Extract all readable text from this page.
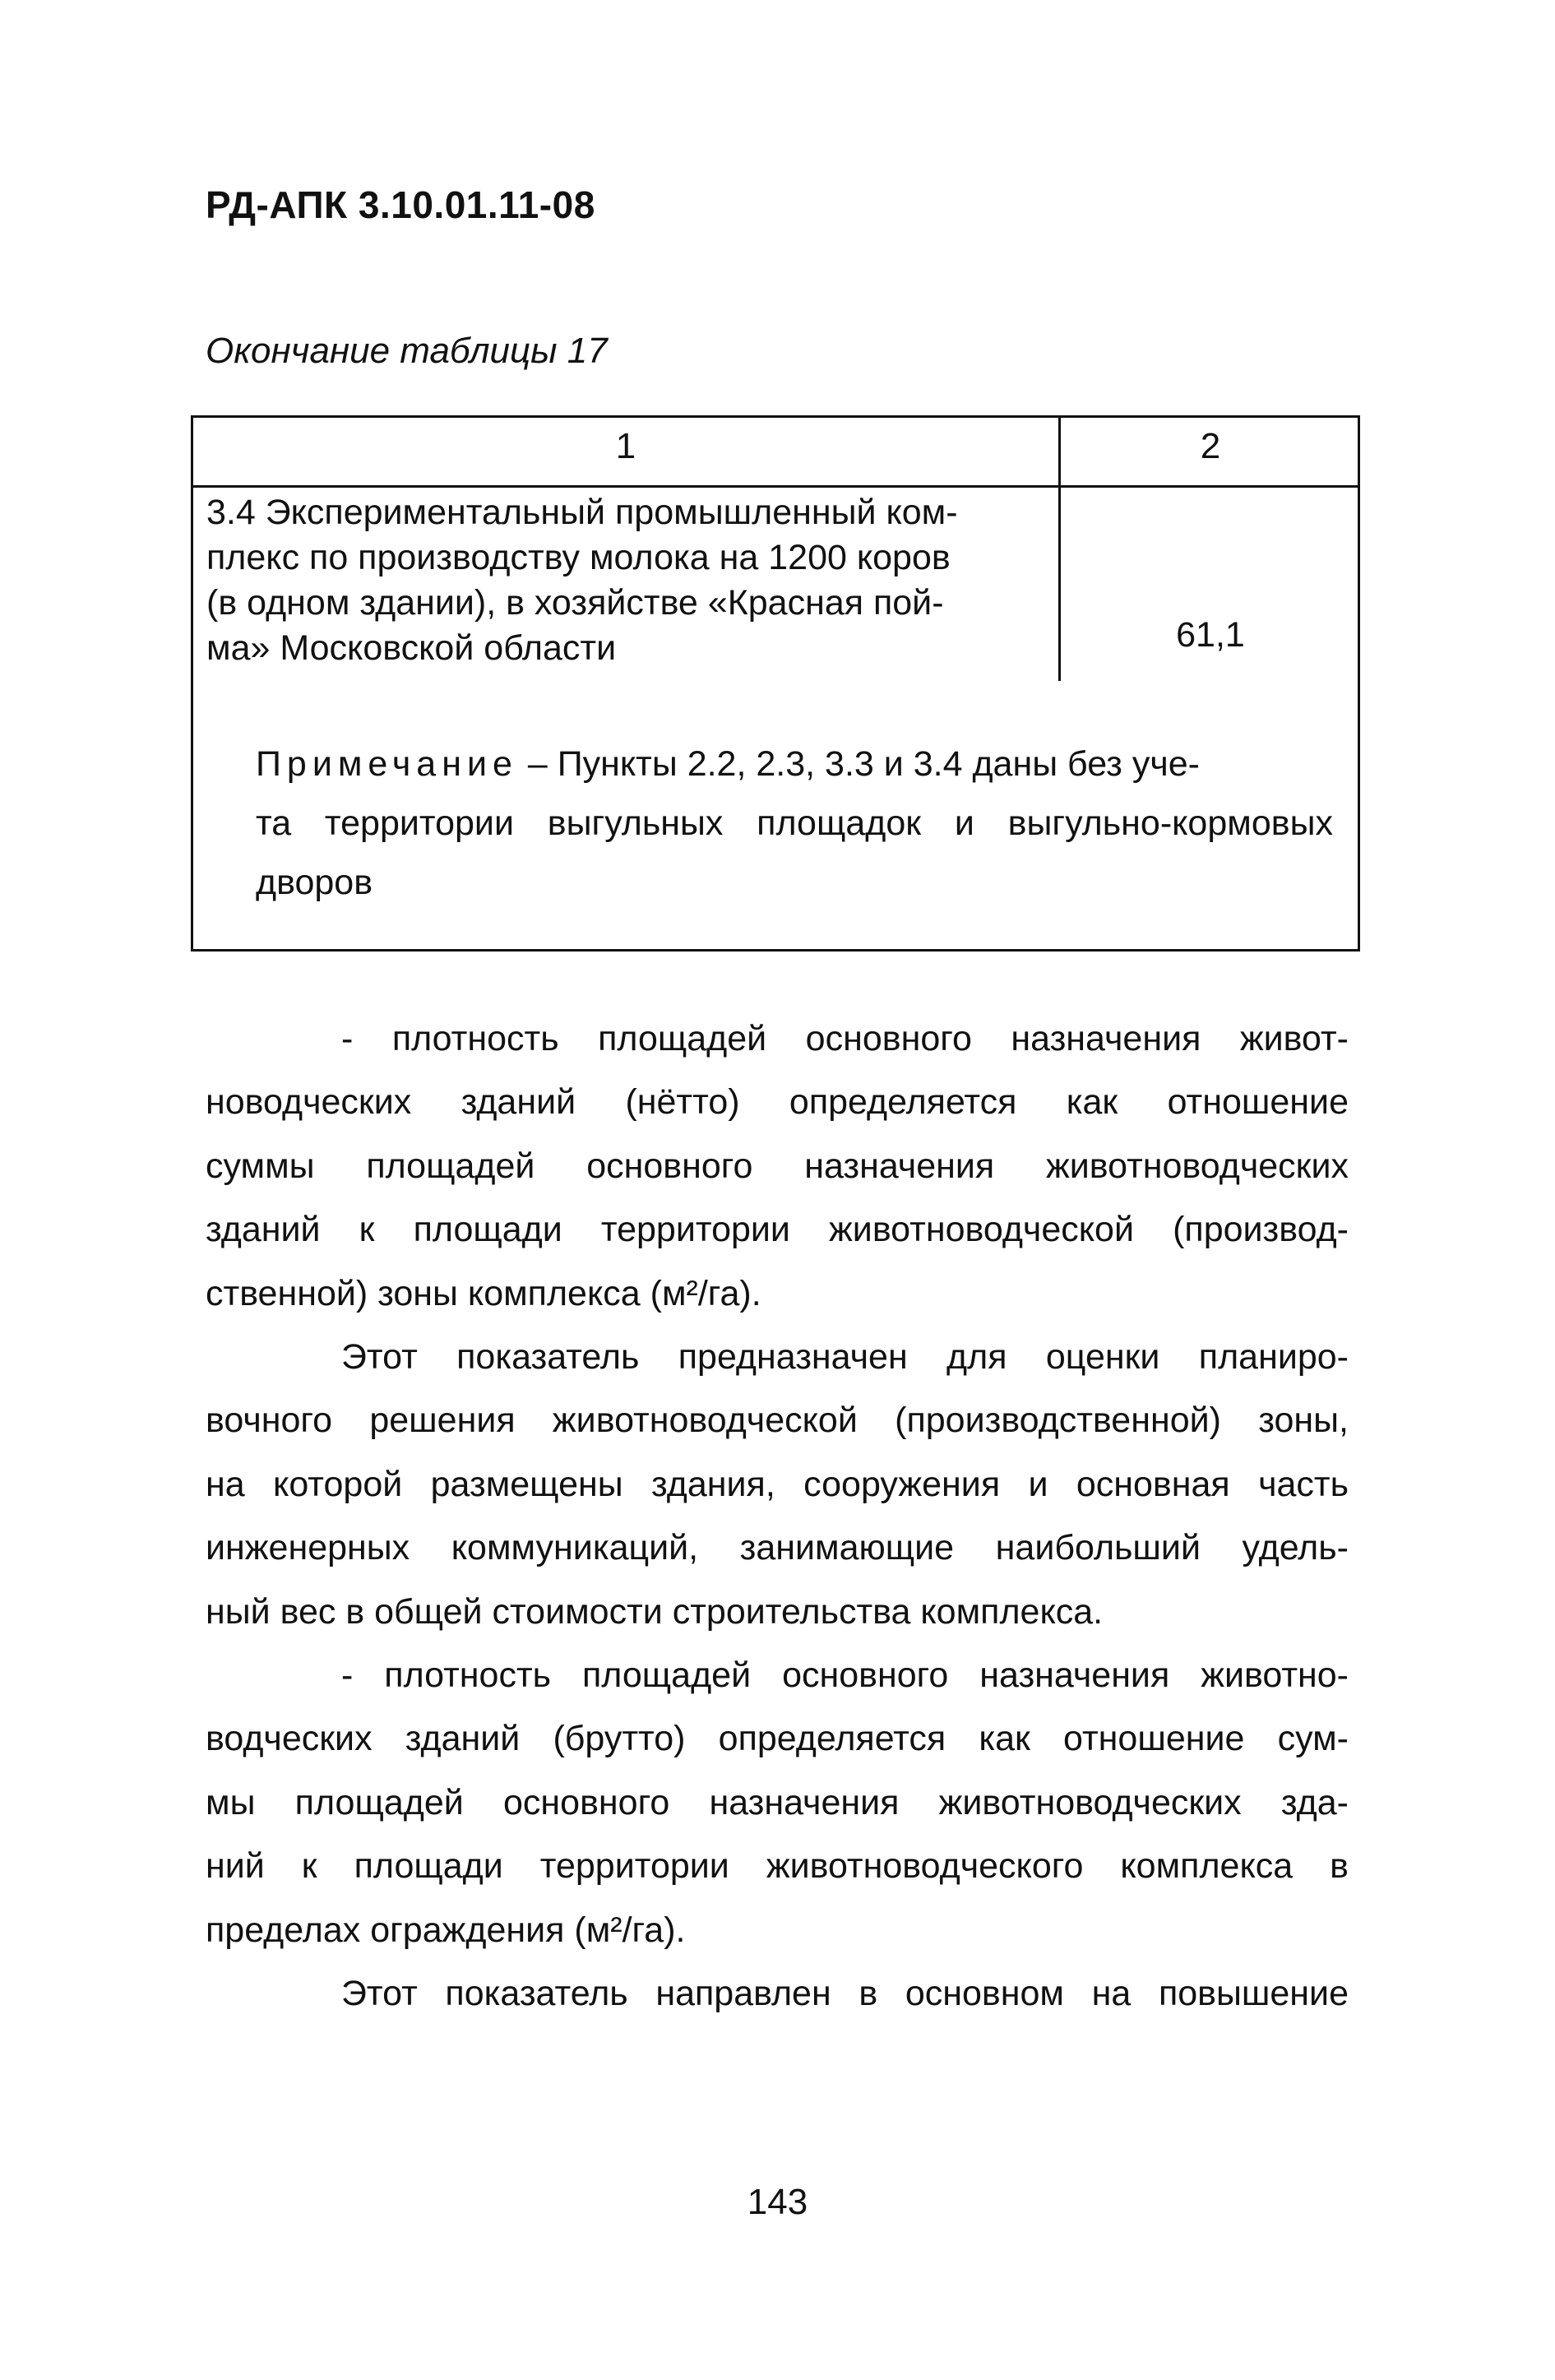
РД-АПК 3.10.01.11-08
Окончание таблицы 17
1	2
3.4 Экспериментальный промышленный ком-
плекс по производству молока на 1200 коров
(в одном здании), в хозяйстве «Красная пой-
ма» Московской области	61,1
Примечание – Пункты 2.2, 2.3, 3.3 и 3.4 даны без уче-
та территории выгульных площадок и выгульно-кормовых
дворов
- плотность площадей основного назначения живот-
новодческих зданий (нётто) определяется как отношение
суммы площадей основного назначения животноводческих
зданий к площади территории животноводческой (производ-
ственной) зоны комплекса (м²/га).
Этот показатель предназначен для оценки планиро-
вочного решения животноводческой (производственной) зоны,
на которой размещены здания, сооружения и основная часть
инженерных коммуникаций, занимающие наибольший удель-
ный вес в общей стоимости строительства комплекса.
- плотность площадей основного назначения животно-
водческих зданий (брутто) определяется как отношение сум-
мы площадей основного назначения животноводческих зда-
ний к площади территории животноводческого комплекса в
пределах ограждения (м²/га).
Этот показатель направлен в основном на повышение
143
